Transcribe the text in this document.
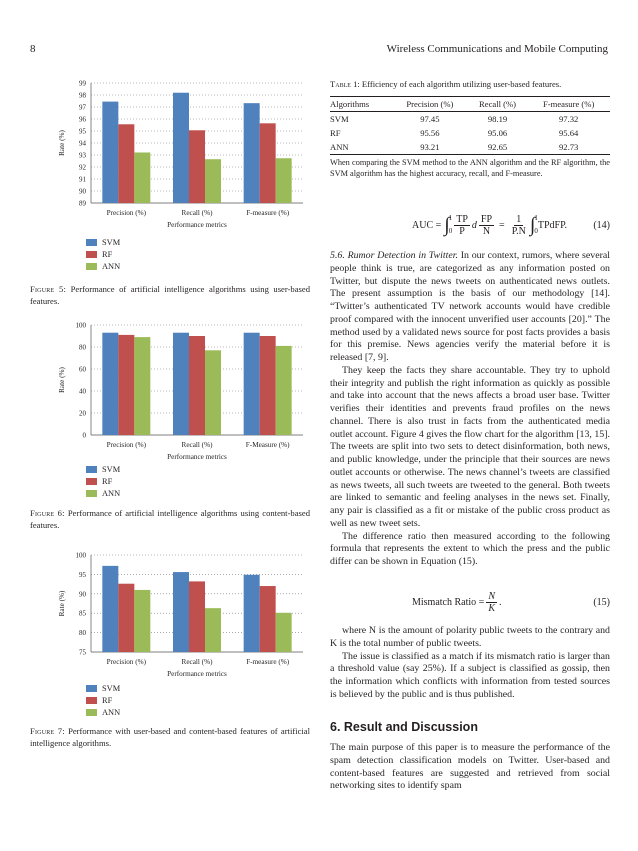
8	Wireless Communications and Mobile Computing
89
90
91
92
93
94
95
96
97
98
99
Precision (%)	Recall (%)	F-measure (%)
Performance metrics
Rate (%)
SVM
RF
ANN
Figure 5: Performance of artificial intelligence algorithms using user-based features.
0
20
40
60
80
100
Precision (%)	Recall (%)	F-Measure (%)
Performance metrics
Rate (%)
SVM
RF
ANN
Figure 6: Performance of artificial intelligence algorithms using content-based features.
75
80
85
90
95
100
Precision (%)	Recall (%)	F-measure (%)
Performance metrics
Rate (%)
SVM
RF
ANN
Figure 7: Performance with user-based and content-based features of artificial intelligence algorithms.
Table 1: Efficiency of each algorithm utilizing user-based features.
Algorithms	Precision (%)	Recall (%)	F-measure (%)
SVM	97.45	98.19	97.32
RF	95.56	95.06	95.64
ANN	93.21	92.65	92.73
When comparing the SVM method to the ANN algorithm and the RF algorithm, the SVM algorithm has the highest accuracy, recall, and F-measure.
AUC = ∫ 1
$0 \frac{TP}{P}$ d $\frac{FP}{N} = \frac{1}{P.N}$ ∫ 1
0
TPdFP.	(14)

5.6. Rumor Detection in Twitter. In our context, rumors, where several people think is true, are categorized as any information posted on Twitter, but dispute the news tweets on authenticated news outlets. The present assumption is the basis of our methodology [14]. “Twitter’s authenticated TV network accounts would have credible proof compared with the innocent unverified user accounts [20].” The method used by a validated news source for post facts provides a basis for this premise. News agencies verify the material before it is released [7, 9].

They keep the facts they share accountable. They try to uphold their integrity and publish the right information as quickly as possible and take into account that the news affects a broad user base. Twitter verifies their identities and prevents fraud profiles on the news channel. There is also trust in facts from the authenticated media outlet account. Figure 4 gives the flow chart for the algorithm [13, 15]. The tweets are split into two sets to detect disinformation, both news, and public knowledge, under the principle that their sources are news outlet accounts or otherwise. The news channel’s tweets are classified as news tweets, all such tweets are tweeted to the general. Both tweets are linked to semantic and feeling analyses in the news set. Finally, any pair is classified as a fit or mistake of the public cross product as well as new tweet sets.

The difference ratio then measured according to the following formula that represents the extent to which the press and the public differ can be shown in Equation (15).

Mismatch Ratio = $\frac{N}{K}$ .	(15)

where N is the amount of polarity public tweets to the contrary and K is the total number of public tweets.

The issue is classified as a match if its mismatch ratio is larger than a threshold value (say 25%). If a subject is classified as gossip, then the information which conflicts with information from tested sources is believed by the public and is thus published.

6. Result and Discussion
The main purpose of this paper is to measure the performance of the spam detection classification models on Twitter. User-based and content-based features are suggested and retrieved from social networking sites to identify spam
